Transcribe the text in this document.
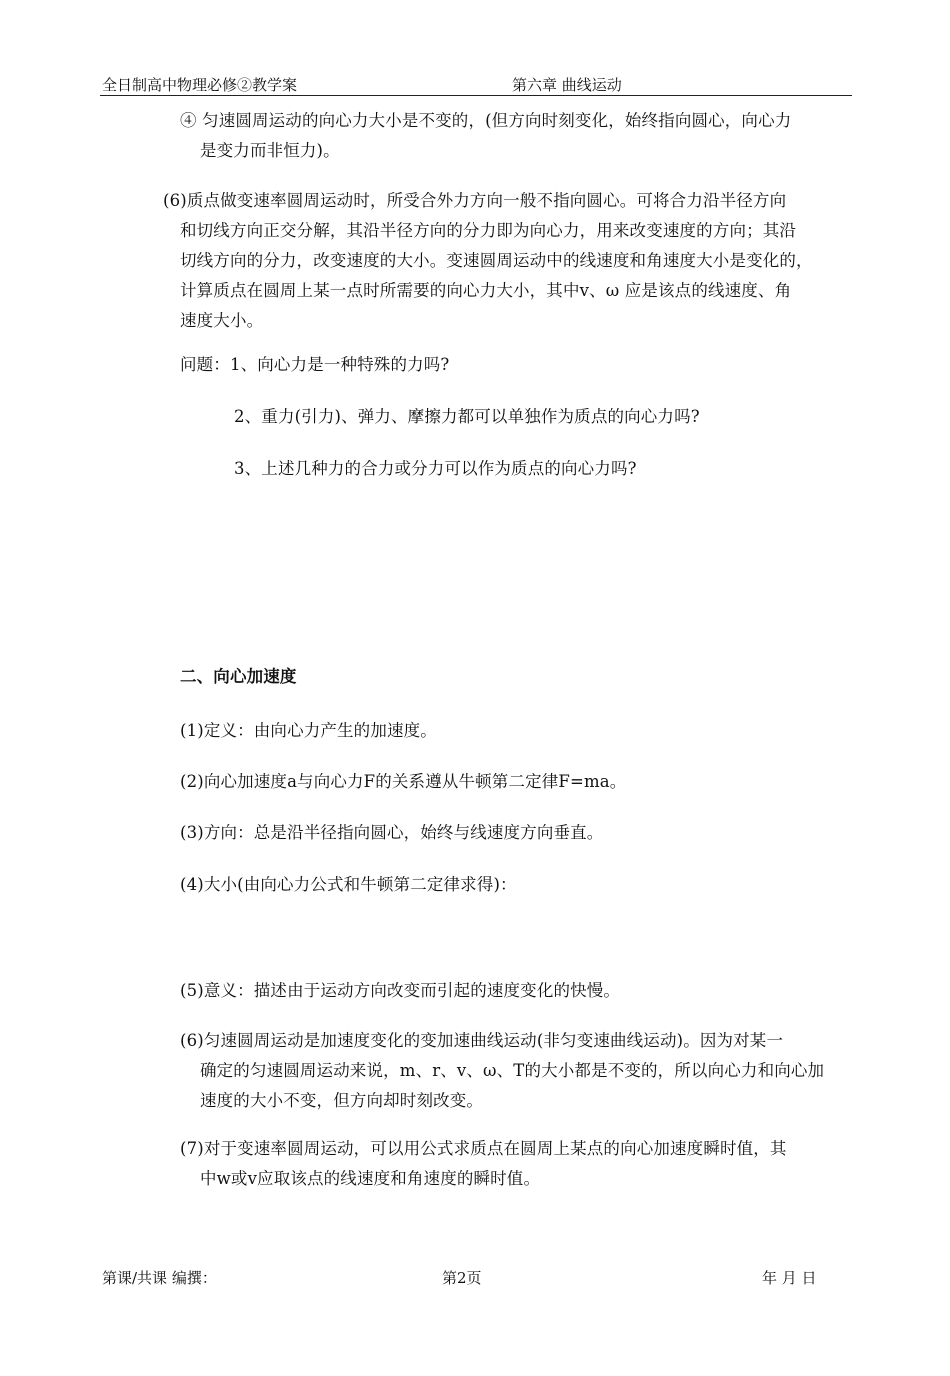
全日制高中物理必修②教学案	第六章 曲线运动
④ 匀速圆周运动的向心力大小是不变的，(但方向时刻变化，始终指向圆心，向心力
是变力而非恒力)。
(6)质点做变速率圆周运动时，所受合外力方向一般不指向圆心。可将合力沿半径方向
和切线方向正交分解，其沿半径方向的分力即为向心力，用来改变速度的方向；其沿
切线方向的分力，改变速度的大小。变速圆周运动中的线速度和角速度大小是变化的，
计算质点在圆周上某一点时所需要的向心力大小，其中v、ω 应是该点的线速度、角
速度大小。
问题：1、向心力是一种特殊的力吗?
2、重力(引力)、弹力、摩擦力都可以单独作为质点的向心力吗?
3、上述几种力的合力或分力可以作为质点的向心力吗?
二、向心加速度
(1)定义：由向心力产生的加速度。
(2)向心加速度a与向心力F的关系遵从牛顿第二定律F=ma。
(3)方向：总是沿半径指向圆心，始终与线速度方向垂直。
(4)大小(由向心力公式和牛顿第二定律求得)：
(5)意义：描述由于运动方向改变而引起的速度变化的快慢。
(6)匀速圆周运动是加速度变化的变加速曲线运动(非匀变速曲线运动)。因为对某一
确定的匀速圆周运动来说，m、r、v、ω、T的大小都是不变的，所以向心力和向心加
速度的大小不变，但方向却时刻改变。
(7)对于变速率圆周运动，可以用公式求质点在圆周上某点的向心加速度瞬时值，其
中w或v应取该点的线速度和角速度的瞬时值。
第课/共课 编撰：	第2页	年 月 日
